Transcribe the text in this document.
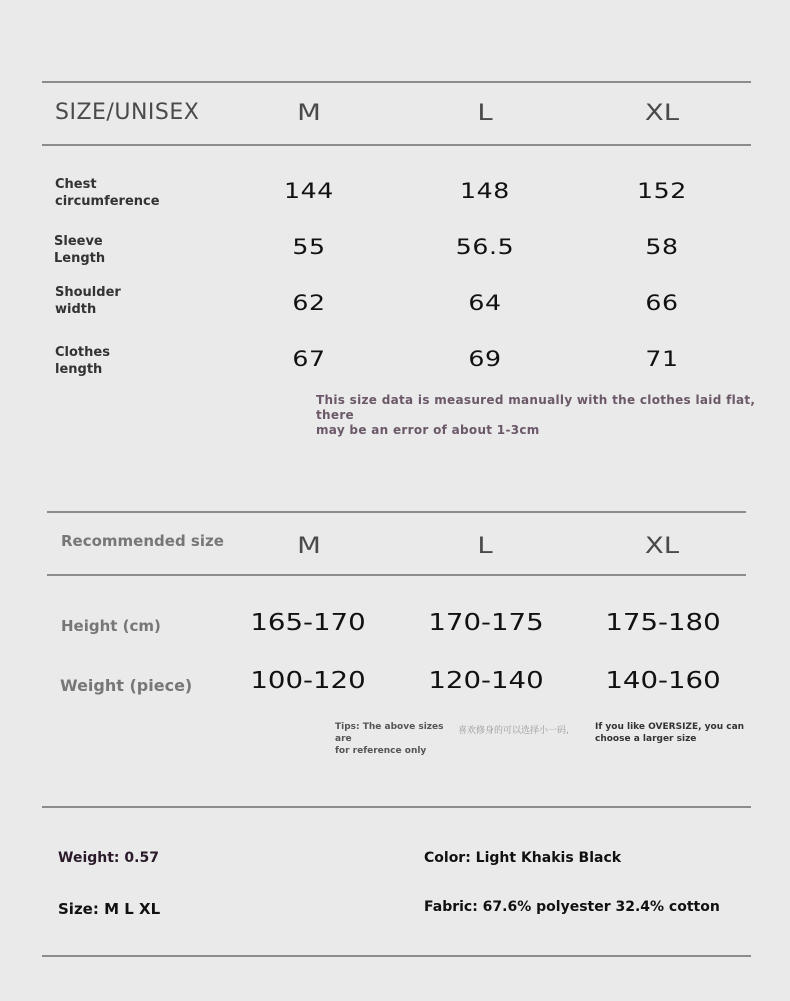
SIZE/UNISEX	M	L	XL
Chest
circumference	144	148	152
Sleeve
Length	55	56.5	58
Shoulder
width	62	64	66
Clothes
length	67	69	71
This size data is measured manually with the clothes laid flat, there
may be an error of about 1-3cm
Recommended size	M	L	XL
Height (cm)	165-170	170-175	175-180
Weight (piece)	100-120	120-140	140-160
Tips: The above sizes are
for reference only
喜欢修身的可以选择小一码,	If you like OVERSIZE, you can
choose a larger size
Weight: 0.57	Color: Light Khakis Black
Size: M L XL	Fabric: 67.6% polyester 32.4% cotton
